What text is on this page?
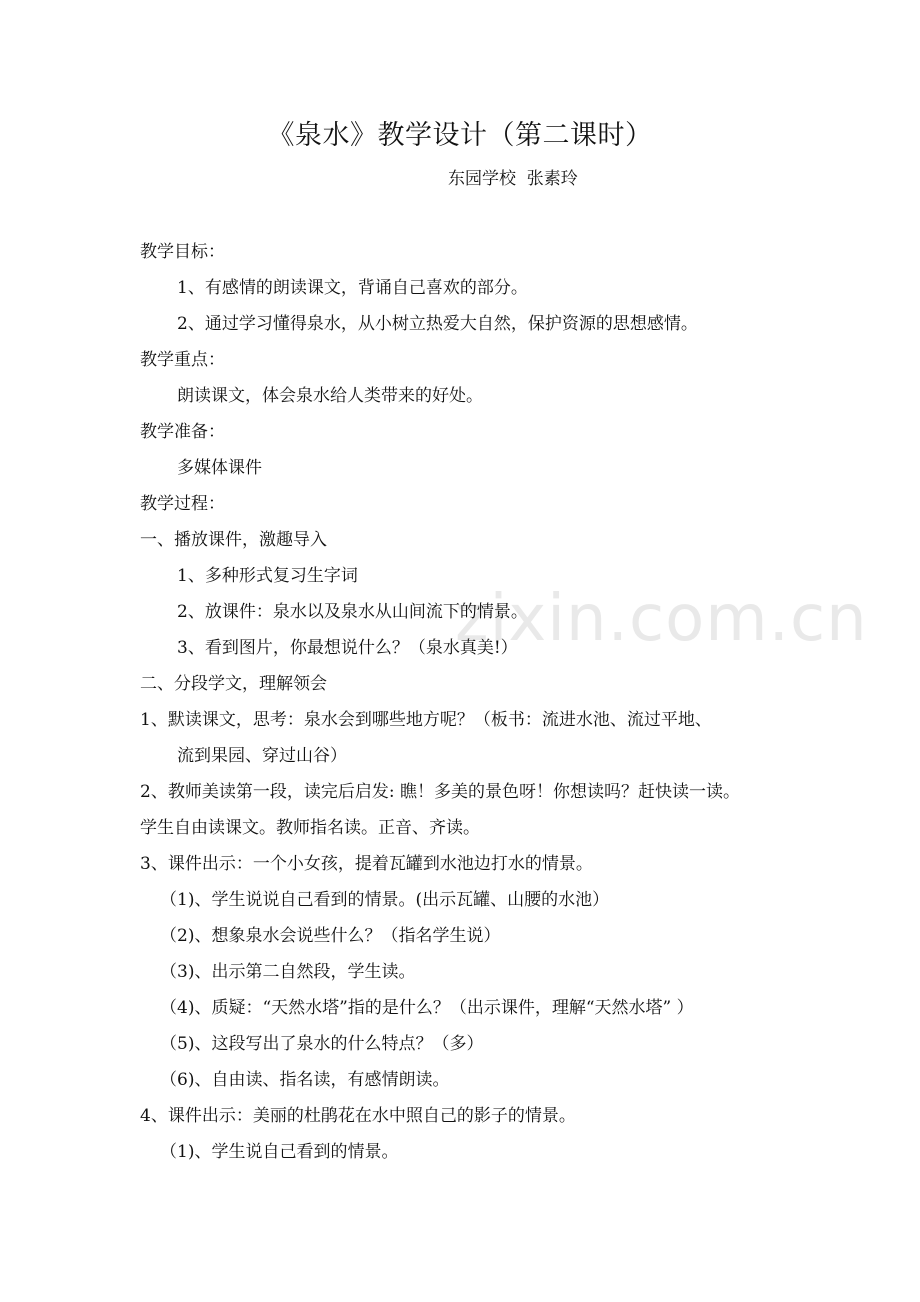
zixin.com.cn
《泉水》教学设计（第二课时）
东园学校  张素玲
教学目标：
1、有感情的朗读课文，背诵自己喜欢的部分。
2、通过学习懂得泉水，从小树立热爱大自然，保护资源的思想感情。
教学重点：
朗读课文，体会泉水给人类带来的好处。
教学准备：
多媒体课件
教学过程：
一、播放课件，激趣导入
1、多种形式复习生字词
2、放课件：泉水以及泉水从山间流下的情景。
3、看到图片，你最想说什么？（泉水真美!）
二、分段学文，理解领会
1、默读课文，思考：泉水会到哪些地方呢？（板书：流进水池、流过平地、
流到果园、穿过山谷）
2、教师美读第一段，读完后启发: 瞧！多美的景色呀！你想读吗？赶快读一读。
学生自由读课文。教师指名读。正音、齐读。
3、课件出示：一个小女孩，提着瓦罐到水池边打水的情景。
（1)、学生说说自己看到的情景。(出示瓦罐、山腰的水池）
（2)、想象泉水会说些什么？（指名学生说）
（3)、出示第二自然段，学生读。
（4)、质疑：“天然水塔”指的是什么？（出示课件，理解“天然水塔” ）
（5)、这段写出了泉水的什么特点？（多）
（6)、自由读、指名读，有感情朗读。
4、课件出示：美丽的杜鹃花在水中照自己的影子的情景。
（1)、学生说自己看到的情景。
